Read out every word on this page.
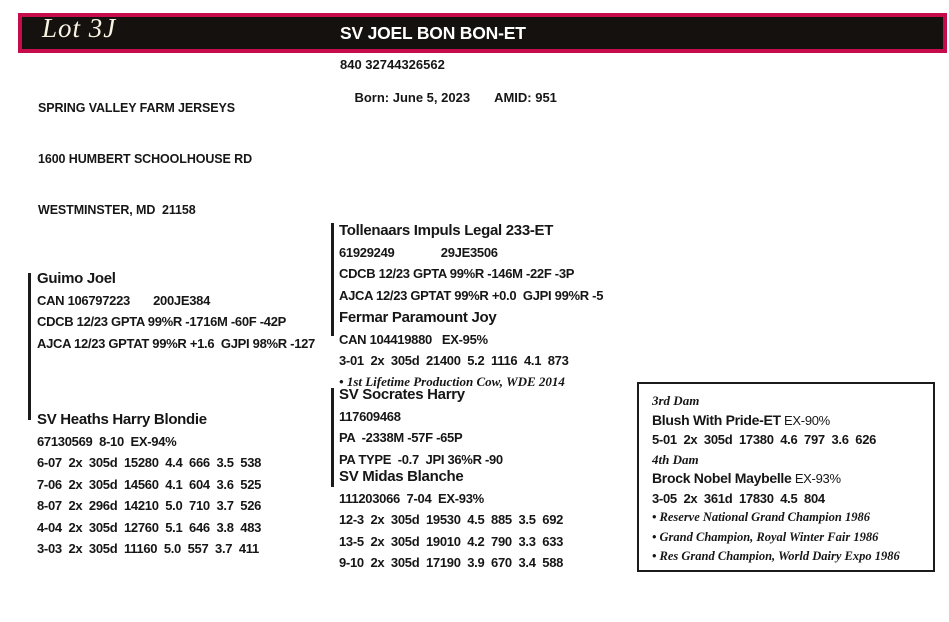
Lot 3J	SV JOEL BON BON-ET

SPRING VALLEY FARM JERSEYS

1600 HUMBERT SCHOOLHOUSE RD

WESTMINSTER, MD  21158

840 32744326562

Born: June 5, 2023 AMID: 951

Guimo Joel
CAN 106797223       200JE384
CDCB 12/23 GPTA 99%R -1716M -60F -42P
AJCA 12/23 GPTAT 99%R +1.6  GJPI 98%R -127
SV Heaths Harry Blondie
67130569  8-10  EX-94%
6-07  2x  305d  15280  4.4  666  3.5  538
7-06  2x  305d  14560  4.1  604  3.6  525
8-07  2x  296d  14210  5.0  710  3.7  526
4-04  2x  305d  12760  5.1  646  3.8  483
3-03  2x  305d  11160  5.0  557  3.7  411
Tollenaars Impuls Legal 233-ET
61929249              29JE3506
CDCB 12/23 GPTA 99%R -146M -22F -3P
AJCA 12/23 GPTAT 99%R +0.0  GJPI 99%R -5
Fermar Paramount Joy
CAN 104419880   EX-95%
3-01  2x  305d  21400  5.2  1116  4.1  873
• 1st Lifetime Production Cow, WDE 2014
SV Socrates Harry
117609468
PA  -2338M -57F -65P
PA TYPE  -0.7  JPI 36%R -90
SV Midas Blanche
111203066  7-04  EX-93%
12-3  2x  305d  19530  4.5  885  3.5  692
13-5  2x  305d  19010  4.2  790  3.3  633
9-10  2x  305d  17190  3.9  670  3.4  588
3rd Dam
Blush With Pride-ET EX-90%
5-01  2x  305d  17380  4.6  797  3.6  626
4th Dam
Brock Nobel Maybelle EX-93%
3-05  2x  361d  17830  4.5  804
• Reserve National Grand Champion 1986
• Grand Champion, Royal Winter Fair 1986
• Res Grand Champion, World Dairy Expo 1986
